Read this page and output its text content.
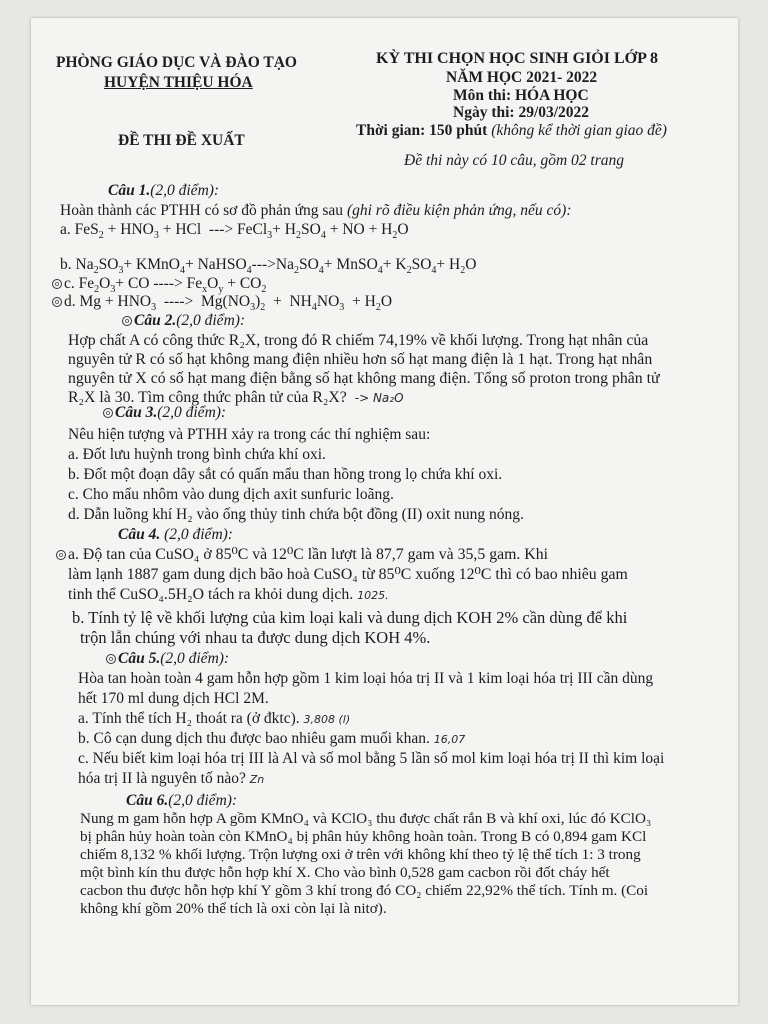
PHÒNG GIÁO DỤC VÀ ĐÀO TẠO
HUYỆN THIỆU HÓA
KỲ THI CHỌN HỌC SINH GIỎI LỚP 8
NĂM HỌC 2021- 2022
Môn thi: HÓA HỌC
Ngày thi: 29/03/2022
ĐỀ THI ĐỀ XUẤT
Thời gian: 150 phút (không kể thời gian giao đề)
Đề thi này có 10 câu, gồm 02 trang
Câu 1.(2,0 điểm):
Hoàn thành các PTHH có sơ đồ phản ứng sau (ghi rõ điều kiện phản ứng, nếu có):
a. $FeS_2 + HNO_3$ + HCl  ---> FeCl$_3$+ $H_2SO_4$ + NO + $H_2O$
b. $Na_2SO_3+$ KMnO$_4$+ $NaHSO_4--->Na_2SO_4+$ MnSO$_4$+ $K_2SO_4+ H_2O$
o c. $Fe_2O_3+$ CO ----> $Fe_xO_y + CO_2$
o d. $Mg + HNO_3$  ---->  $Mg(NO_3)_2 + NH_4NO_3 + H_2O$
o Câu 2.(2,0 điểm):
Hợp chất A có công thức R₂X, trong đó R chiếm 74,19% về khối lượng. Trong hạt nhân của
nguyên tử R có số hạt không mang điện nhiều hơn số hạt mang điện là 1 hạt. Trong hạt nhân
nguyên tử X có số hạt mang điện bằng số hạt không mang điện. Tổng số proton trong phân tử
R₂X là 30. Tìm công thức phân tử của R₂X? -> Na₂O
o Câu 3.(2,0 điểm):
Nêu hiện tượng và PTHH xảy ra trong các thí nghiệm sau:
a. Đốt lưu huỳnh trong bình chứa khí oxi.
b. Đốt một đoạn dây sắt có quấn mẩu than hồng trong lọ chứa khí oxi.
c. Cho mẩu nhôm vào dung dịch axit sunfuric loãng.
d. Dẫn luồng khí H₂ vào ống thủy tinh chứa bột đồng (II) oxit nung nóng.
Câu 4. (2,0 điểm):
o a. Độ tan của CuSO₄ ở 85⁰C và 12⁰C lần lượt là 87,7 gam và 35,5 gam. Khi
làm lạnh 1887 gam dung dịch bão hoà CuSO₄ từ 85⁰C xuống 12⁰C thì có bao nhiêu gam
tinh thể CuSO₄.5H₂O tách ra khỏi dung dịch. 1025.
b. Tính tỷ lệ về khối lượng của kim loại kali và dung dịch KOH 2% cần dùng để khi
trộn lẫn chúng với nhau ta được dung dịch KOH 4%.
o Câu 5.(2,0 điểm):
Hòa tan hoàn toàn 4 gam hỗn hợp gồm 1 kim loại hóa trị II và 1 kim loại hóa trị III cần dùng
hết 170 ml dung dịch HCl 2M.
a. Tính thể tích H₂ thoát ra (ở đktc). 3,808 (l)
b. Cô cạn dung dịch thu được bao nhiêu gam muối khan. 16,07
c. Nếu biết kim loại hóa trị III là Al và số mol bằng 5 lần số mol kim loại hóa trị II thì kim loại
hóa trị II là nguyên tố nào? Zn
Câu 6.(2,0 điểm):
Nung m gam hỗn hợp A gồm KMnO₄ và KClO₃ thu được chất rắn B và khí oxi, lúc đó KClO₃
bị phân hủy hoàn toàn còn KMnO₄ bị phân hủy không hoàn toàn. Trong B có 0,894 gam KCl
chiếm 8,132 % khối lượng. Trộn lượng oxi ở trên với không khí theo tỷ lệ thể tích 1: 3 trong
một bình kín thu được hỗn hợp khí X. Cho vào bình 0,528 gam cacbon rồi đốt cháy hết
cacbon thu được hỗn hợp khí Y gồm 3 khí trong đó CO₂ chiếm 22,92% thể tích. Tính m. (Coi
không khí gồm 20% thể tích là oxi còn lại là nitơ).
